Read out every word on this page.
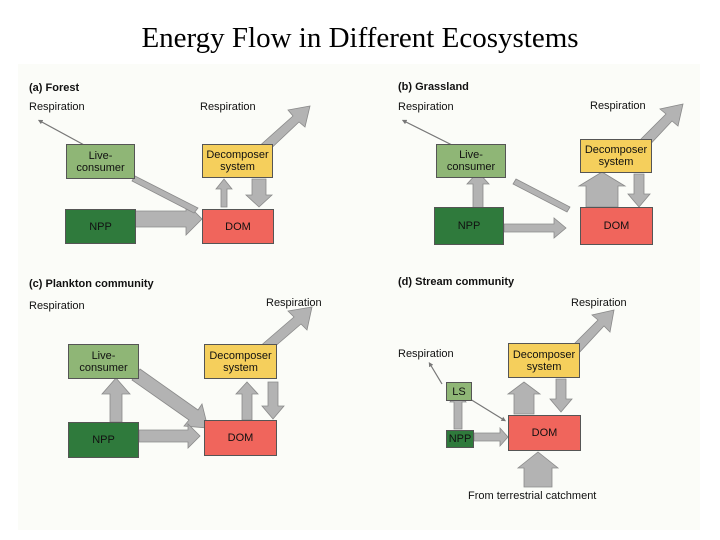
Energy Flow in Different Ecosystems
(a) Forest
Respiration	Respiration
Live-
consumer
Decomposer
system
NPP	DOM
(b) Grassland
Respiration	Respiration
Live-
consumer
Decomposer
system
NPP	DOM
(c) Plankton community
Respiration	Respiration
Live-
consumer
Decomposer
system
NPP	DOM
(d) Stream community
Respiration
Respiration
Decomposer
system
LS
NPP	DOM
From terrestrial catchment
